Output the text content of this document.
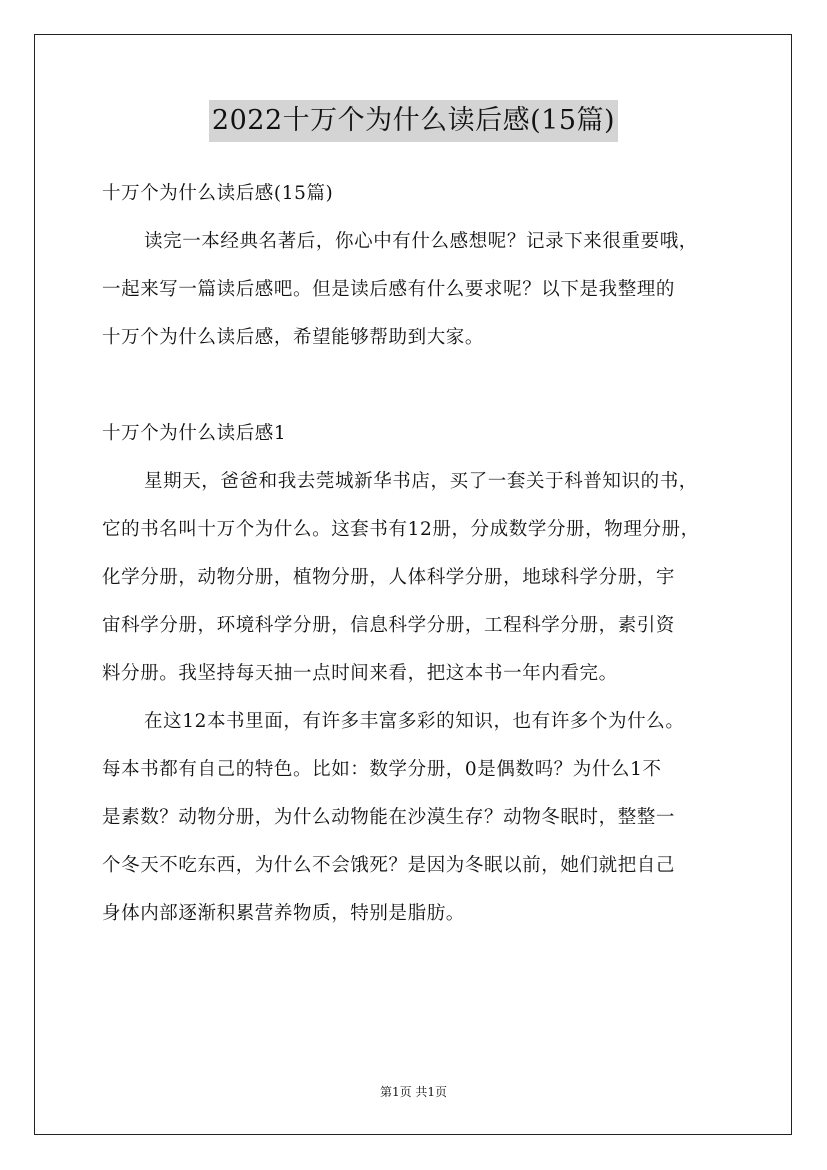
2022十万个为什么读后感(15篇)
十万个为什么读后感(15篇)
读完一本经典名著后，你心中有什么感想呢？记录下来很重要哦，
一起来写一篇读后感吧。但是读后感有什么要求呢？以下是我整理的
十万个为什么读后感，希望能够帮助到大家。
十万个为什么读后感1
星期天，爸爸和我去莞城新华书店，买了一套关于科普知识的书，
它的书名叫十万个为什么。这套书有12册，分成数学分册，物理分册，
化学分册，动物分册，植物分册，人体科学分册，地球科学分册，宇
宙科学分册，环境科学分册，信息科学分册，工程科学分册，素引资
料分册。我坚持每天抽一点时间来看，把这本书一年内看完。
在这12本书里面，有许多丰富多彩的知识，也有许多个为什么。
每本书都有自己的特色。比如：数学分册，0是偶数吗？为什么1不
是素数？动物分册，为什么动物能在沙漠生存？动物冬眠时，整整一
个冬天不吃东西，为什么不会饿死？是因为冬眠以前，她们就把自己
身体内部逐渐积累营养物质，特别是脂肪。
第1页 共1页
